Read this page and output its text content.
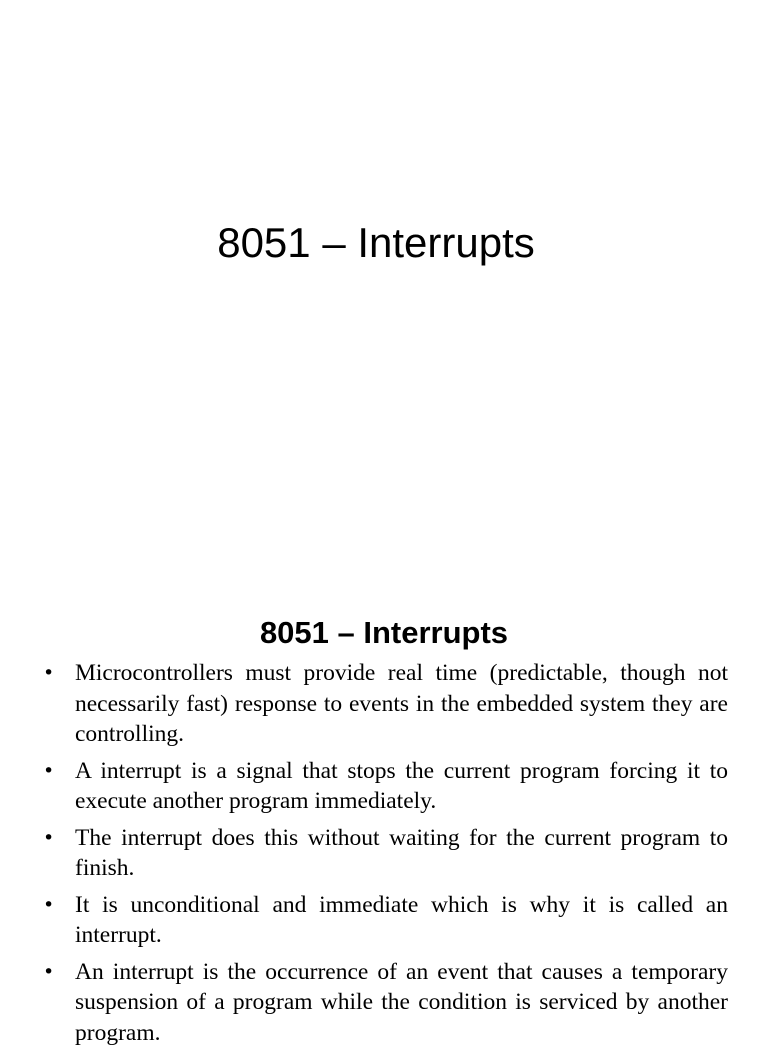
8051 – Interrupts
8051 – Interrupts
• Microcontrollers must provide real time (predictable, though not necessarily fast) response to events in the embedded system they are controlling.
• A interrupt is a signal that stops the current program forcing it to execute another program immediately.
• The interrupt does this without waiting for the current program to finish.
• It is unconditional and immediate which is why it is called an interrupt.
• An interrupt is the occurrence of an event that causes a temporary suspension of a program while the condition is serviced by another program.
